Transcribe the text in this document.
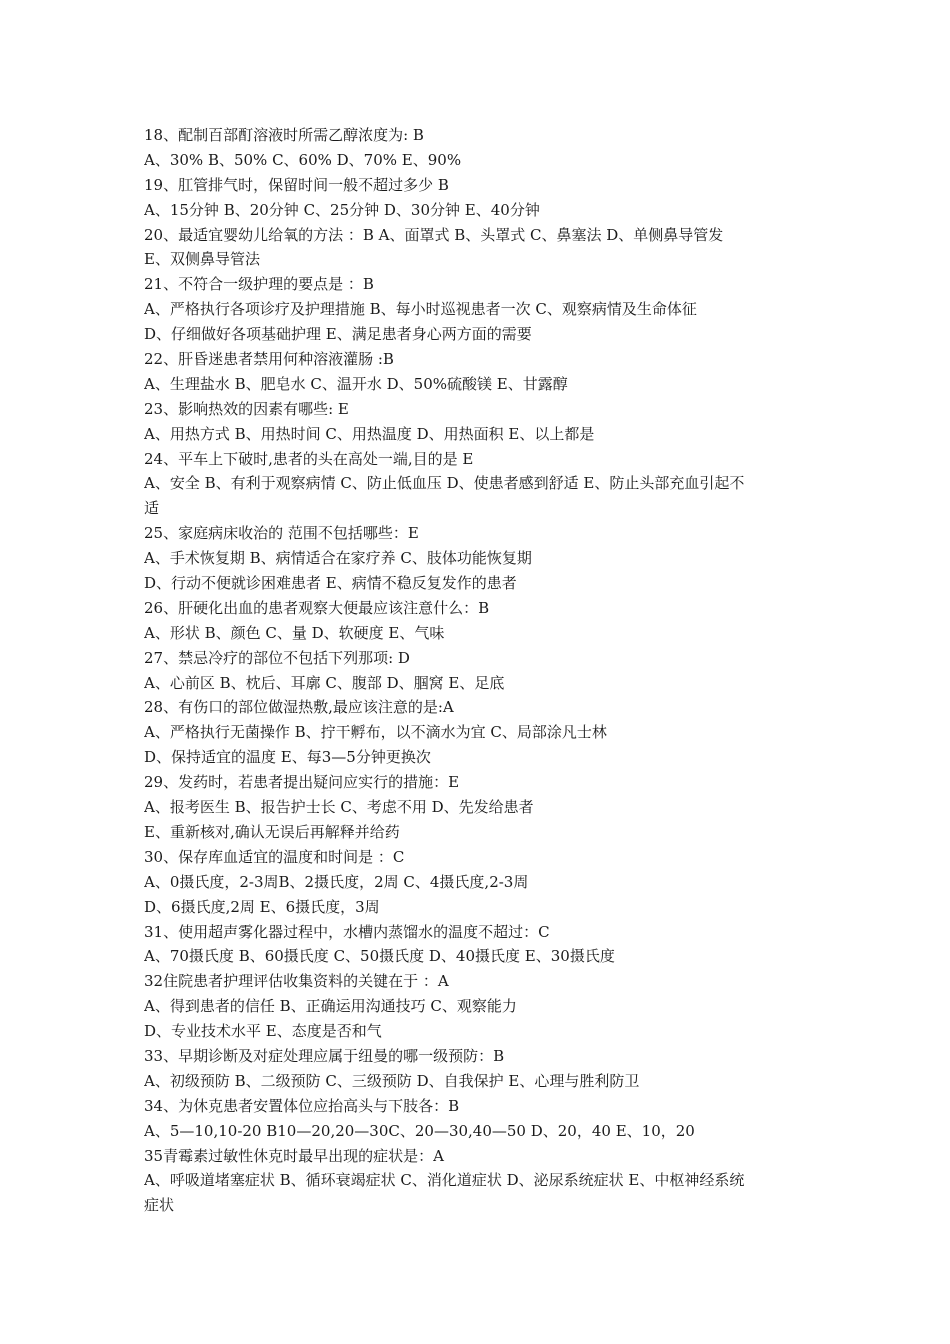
18、配制百部酊溶液时所需乙醇浓度为: B
A、30% B、50% C、60% D、70% E、90%
19、肛管排气时，保留时间一般不超过多少 B
A、15分钟 B、20分钟 C、25分钟 D、30分钟 E、40分钟
20、最适宜婴幼儿给氧的方法 ：B A、面罩式 B、头罩式 C、鼻塞法 D、单侧鼻导管发
E、双侧鼻导管法
21、不符合一级护理的要点是 ：B
A、严格执行各项诊疗及护理措施 B、每小时巡视患者一次 C、观察病情及生命体征
D、仔细做好各项基础护理 E、满足患者身心两方面的需要
22、肝昏迷患者禁用何种溶液灌肠 :B
A、生理盐水 B、肥皂水 C、温开水 D、50%硫酸镁 E、甘露醇
23、影响热效的因素有哪些: E
A、用热方式 B、用热时间 C、用热温度 D、用热面积 E、以上都是
24、平车上下破时,患者的头在高处一端,目的是 E
A、安全 B、有利于观察病情 C、防止低血压 D、使患者感到舒适 E、防止头部充血引起不
适
25、家庭病床收治的 范围不包括哪些：E
A、手术恢复期 B、病情适合在家疗养 C、肢体功能恢复期
D、行动不便就诊困难患者 E、病情不稳反复发作的患者
26、肝硬化出血的患者观察大便最应该注意什么：B
A、形状 B、颜色 C、量 D、软硬度 E、气味
27、禁忌冷疗的部位不包括下列那项: D
A、心前区 B、枕后、耳廓 C、腹部 D、腘窝 E、足底
28、有伤口的部位做湿热敷,最应该注意的是:A
A、严格执行无菌操作 B、拧干孵布，以不滴水为宜 C、局部涂凡士林
D、保持适宜的温度 E、每3—5分钟更换次
29、发药时，若患者提出疑问应实行的措施：E
A、报考医生 B、报告护士长 C、考虑不用 D、先发给患者
E、重新核对,确认无误后再解释并给药
30、保存库血适宜的温度和时间是 ：C
A、0摄氏度，2-3周B、2摄氏度，2周 C、4摄氏度,2-3周
D、6摄氏度,2周 E、6摄氏度，3周
31、使用超声雾化器过程中，水槽内蒸馏水的温度不超过：C
A、70摄氏度 B、60摄氏度 C、50摄氏度 D、40摄氏度 E、30摄氏度
32住院患者护理评估收集资料的关键在于 ：A
A、得到患者的信任 B、正确运用沟通技巧 C、观察能力
D、专业技术水平 E、态度是否和气
33、早期诊断及对症处理应属于纽曼的哪一级预防：B
A、初级预防 B、二级预防 C、三级预防 D、自我保护 E、心理与胜利防卫
34、为休克患者安置体位应抬高头与下肢各：B
A、5—10,10-20 B10—20,20—30C、20—30,40—50 D、20，40 E、10，20
35青霉素过敏性休克时最早出现的症状是：A
A、呼吸道堵塞症状 B、循环衰竭症状 C、消化道症状 D、泌尿系统症状 E、中枢神经系统
症状
